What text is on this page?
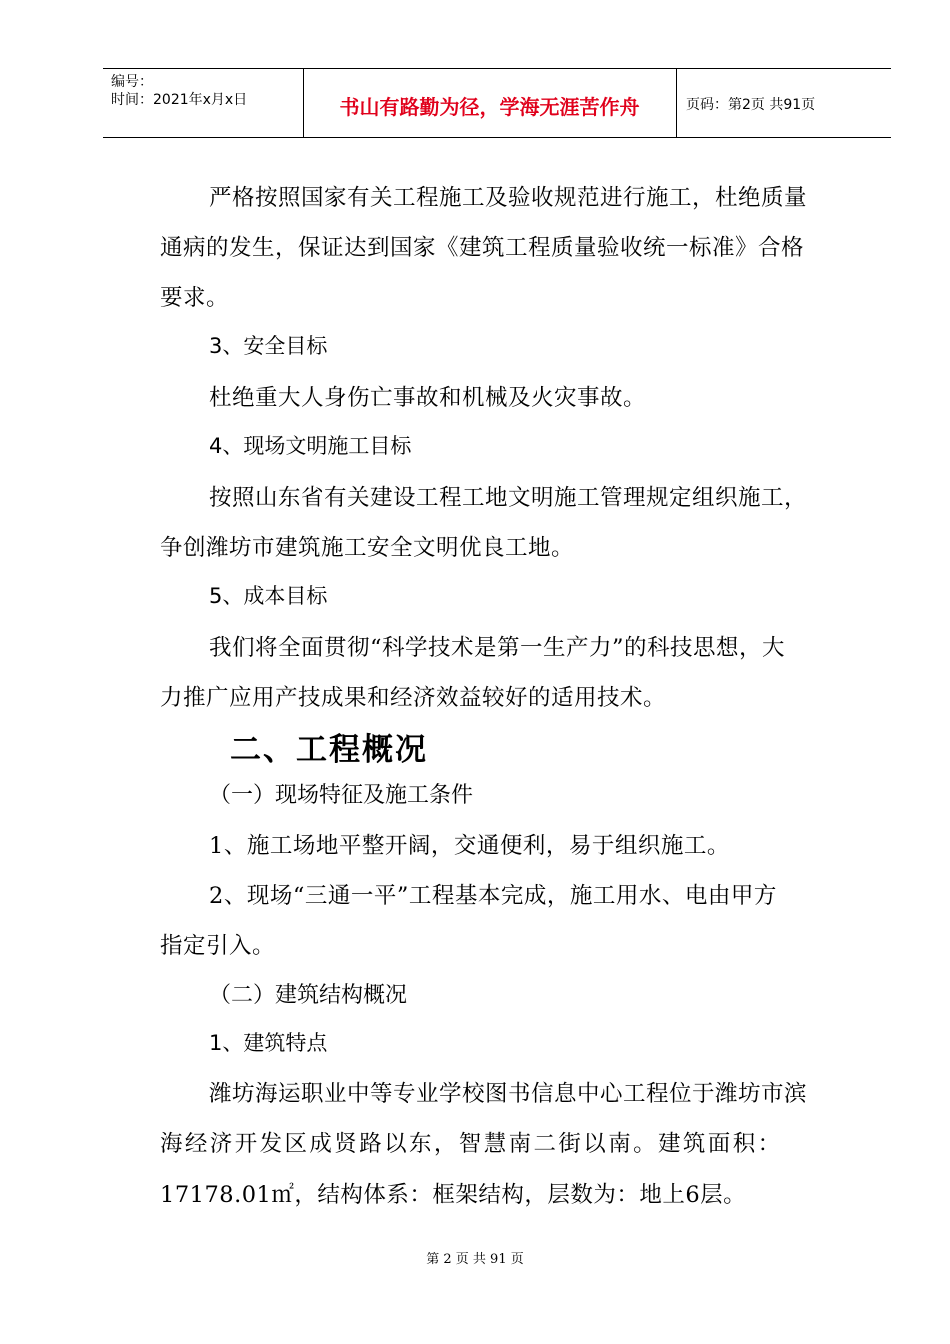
编号：
时间：2021年x月x日	书山有路勤为径，学海无涯苦作舟	页码：第2页 共91页
严格按照国家有关工程施工及验收规范进行施工，杜绝质量
通病的发生，保证达到国家《建筑工程质量验收统一标准》合格
要求。
3、安全目标
杜绝重大人身伤亡事故和机械及火灾事故。
4、现场文明施工目标
按照山东省有关建设工程工地文明施工管理规定组织施工，
争创潍坊市建筑施工安全文明优良工地。
5、成本目标
我们将全面贯彻“科学技术是第一生产力”的科技思想，大
力推广应用产技成果和经济效益较好的适用技术。
二、工程概况
（一）现场特征及施工条件
1、施工场地平整开阔，交通便利，易于组织施工。
2、现场“三通一平”工程基本完成，施工用水、电由甲方
指定引入。
（二）建筑结构概况
1、建筑特点
潍坊海运职业中等专业学校图书信息中心工程位于潍坊市滨
海经济开发区成贤路以东，智慧南二街以南。建筑面积：
17178.01㎡，结构体系：框架结构，层数为：地上6层。
第 2 页 共 91 页
